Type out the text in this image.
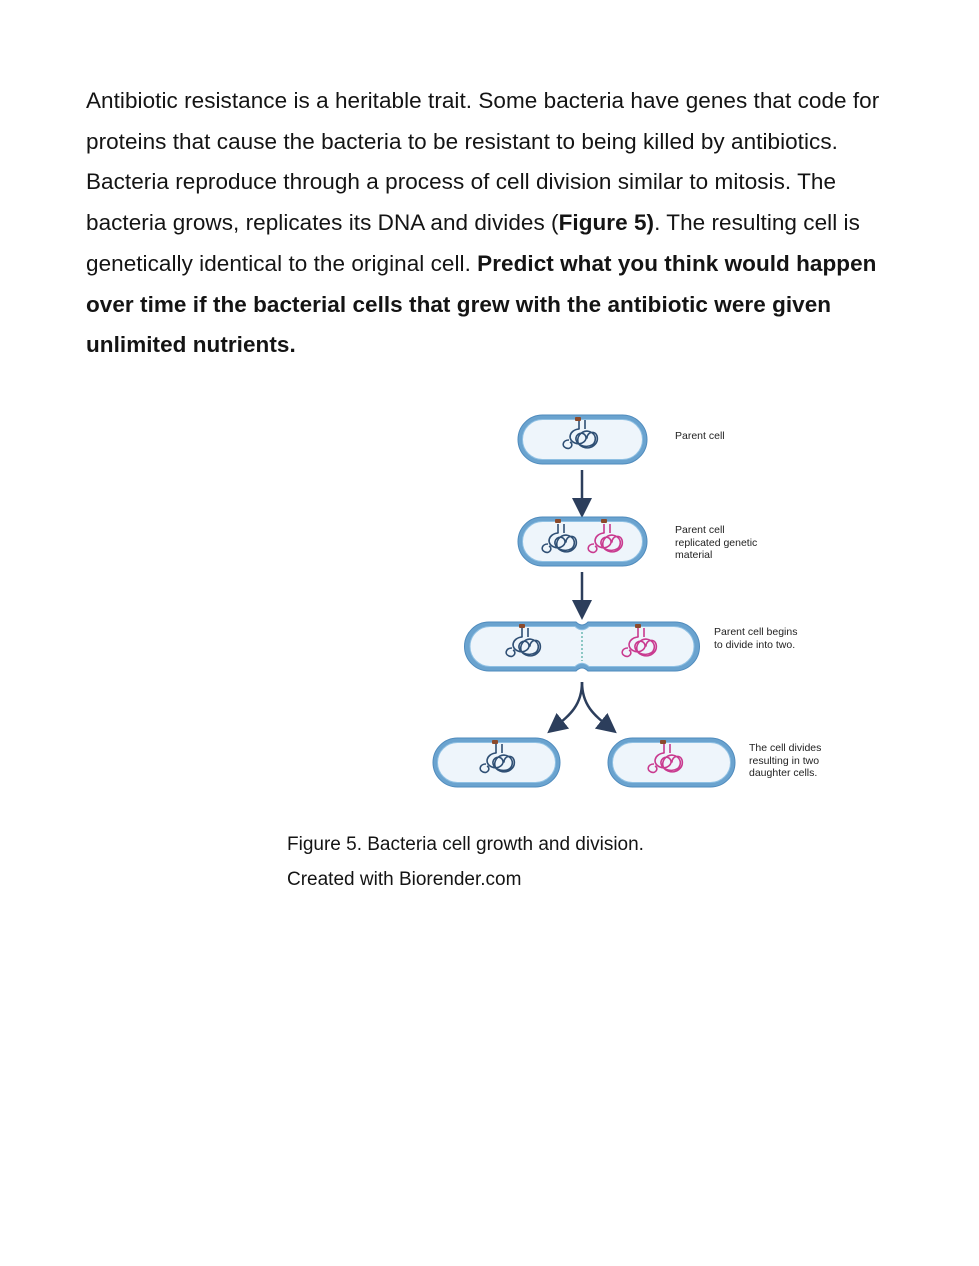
Antibiotic resistance is a heritable trait. Some bacteria have genes that code for proteins that cause the bacteria to be resistant to being killed by antibiotics. Bacteria reproduce through a process of cell division similar to mitosis. The bacteria grows, replicates its DNA and divides (Figure 5). The resulting cell is genetically identical to the original cell. Predict what you think would happen over time if the bacterial cells that grew with the antibiotic were given unlimited nutrients.

Parent cell

Parent cell
replicated genetic
material

Parent cell begins
to divide into two.

The cell divides
resulting in two
daughter cells.

Figure 5. Bacteria cell growth and division.

Created with Biorender.com
